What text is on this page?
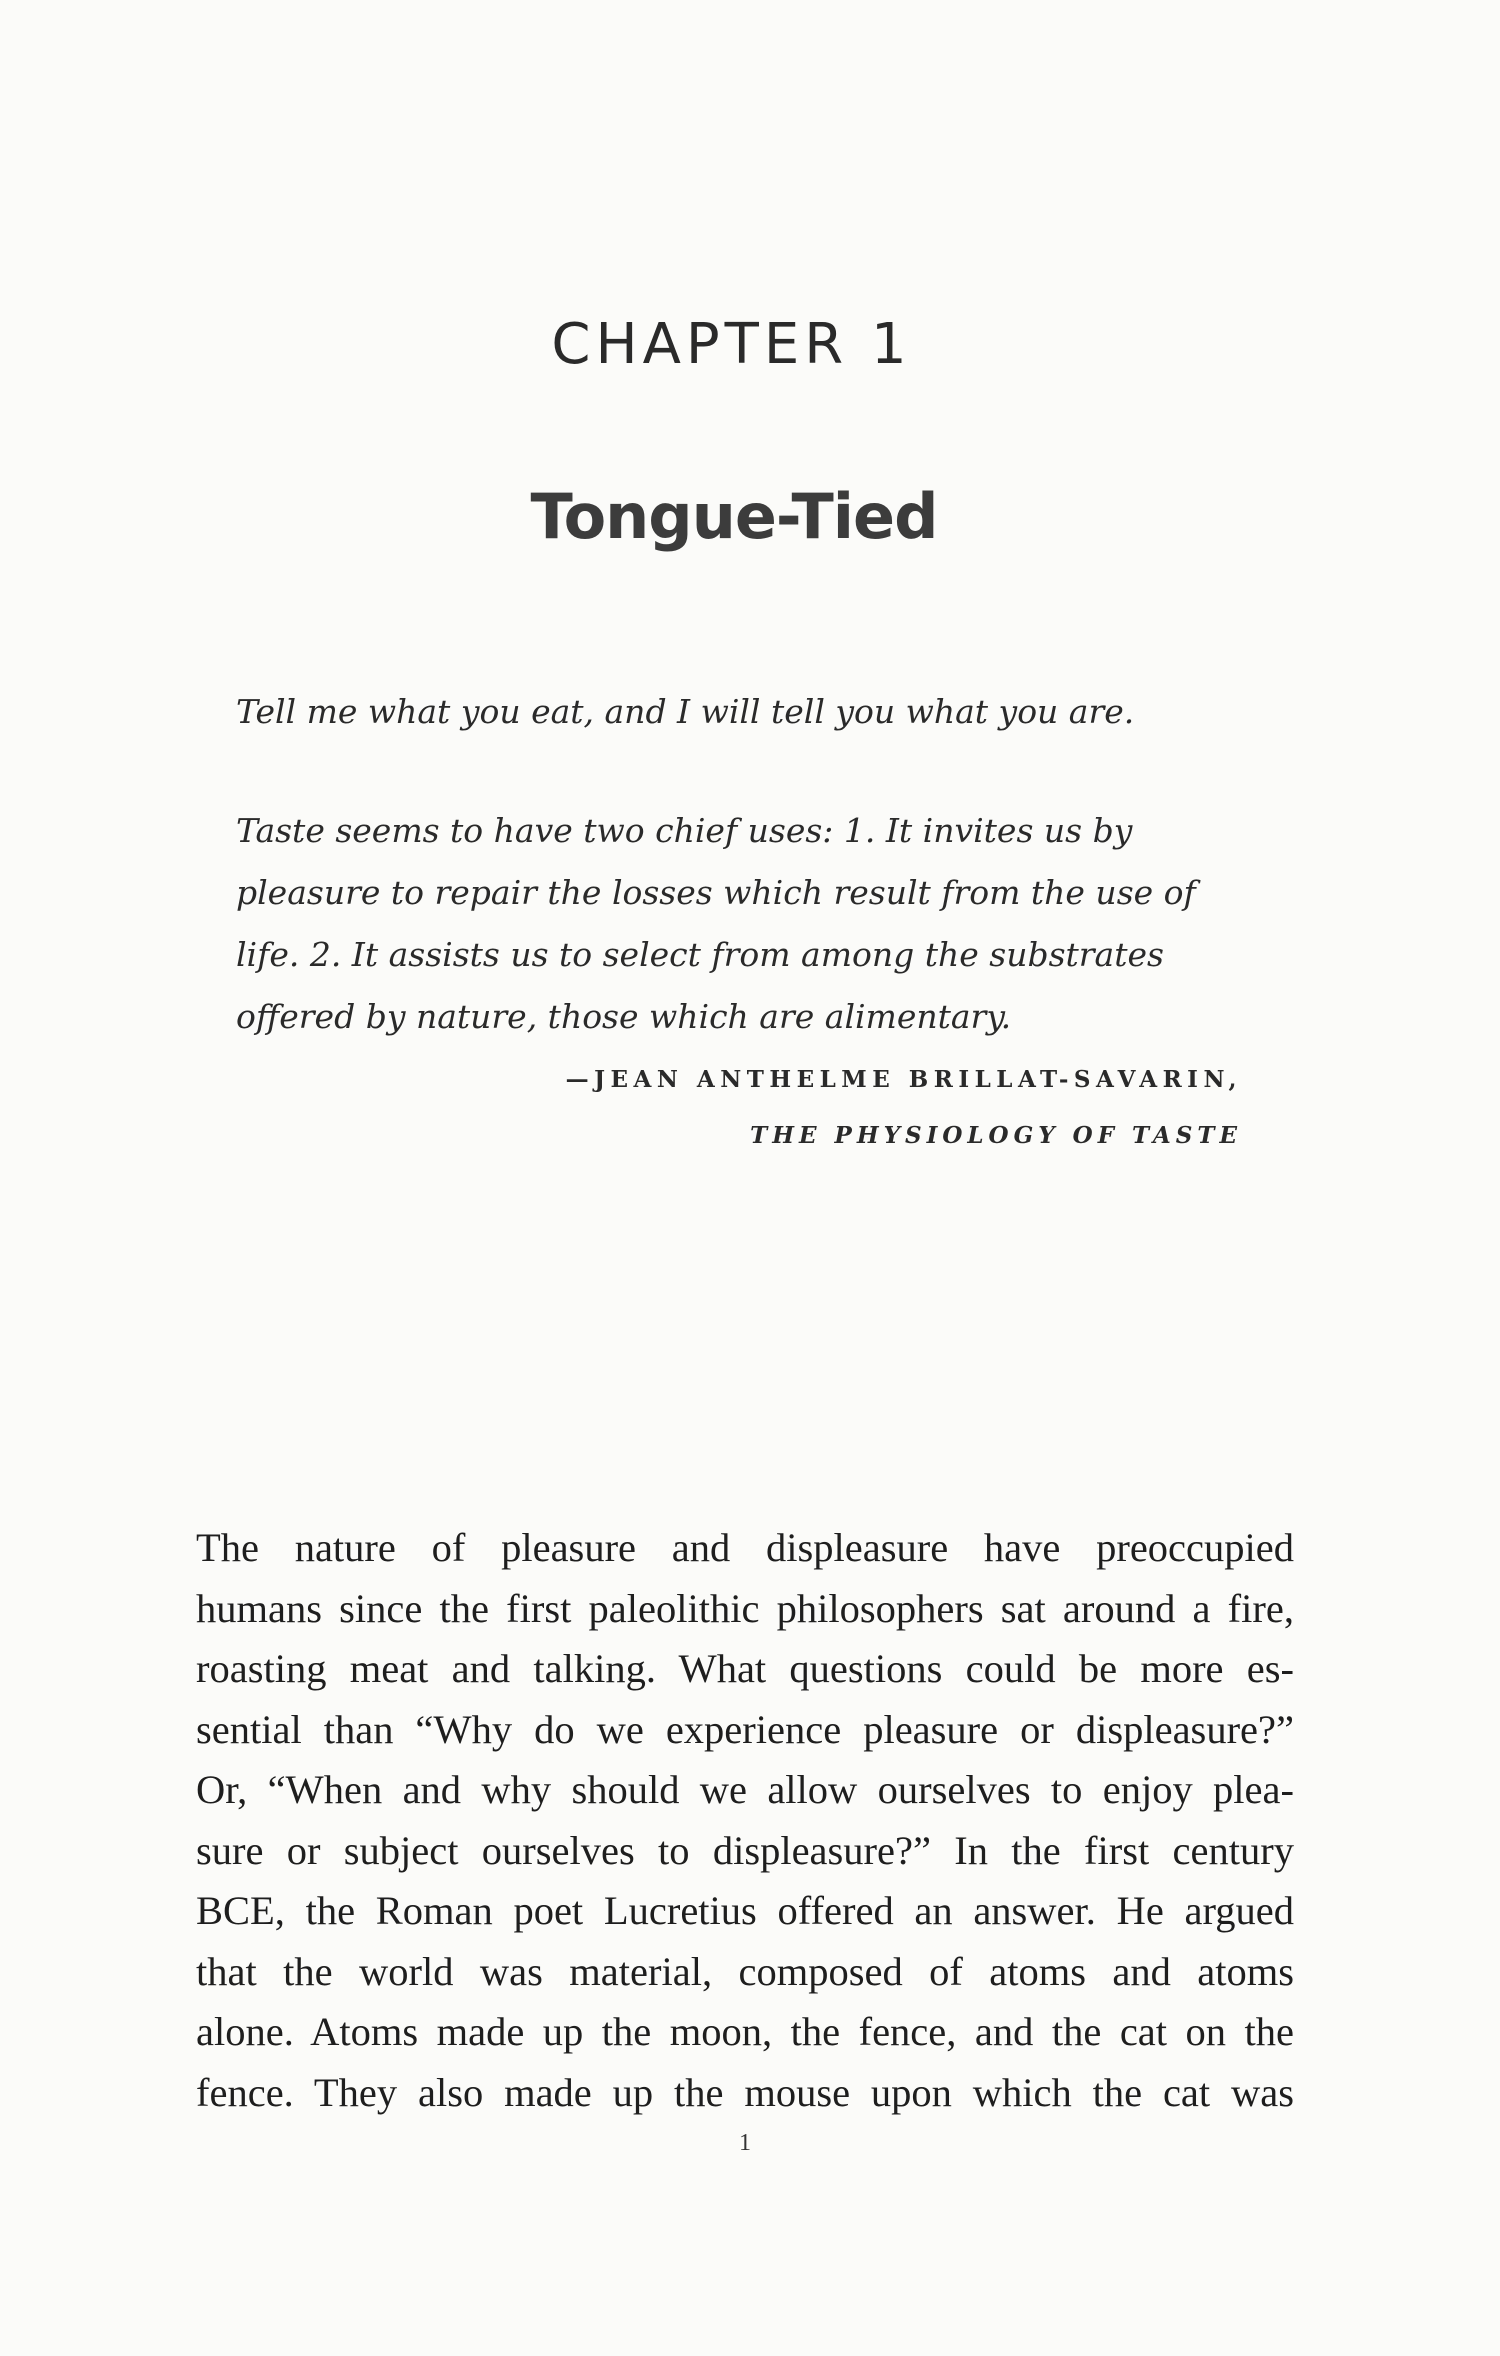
CHAPTER 1
Tongue-Tied
Tell me what you eat, and I will tell you what you are.
Taste seems to have two chief uses: 1. It invites us by pleasure to repair the losses which result from the use of life. 2. It assists us to select from among the substrates offered by nature, those which are alimentary.
—JEAN ANTHELME BRILLAT-SAVARIN,
THE PHYSIOLOGY OF TASTE

The nature of pleasure and displeasure have preoccupied
humans since the first paleolithic philosophers sat around a fire,
roasting meat and talking. What questions could be more es-
sential than “Why do we experience pleasure or displeasure?”
Or, “When and why should we allow ourselves to enjoy plea-
sure or subject ourselves to displeasure?” In the first century
BCE, the Roman poet Lucretius offered an answer. He argued
that the world was material, composed of atoms and atoms
alone. Atoms made up the moon, the fence, and the cat on the
fence. They also made up the mouse upon which the cat was

1
